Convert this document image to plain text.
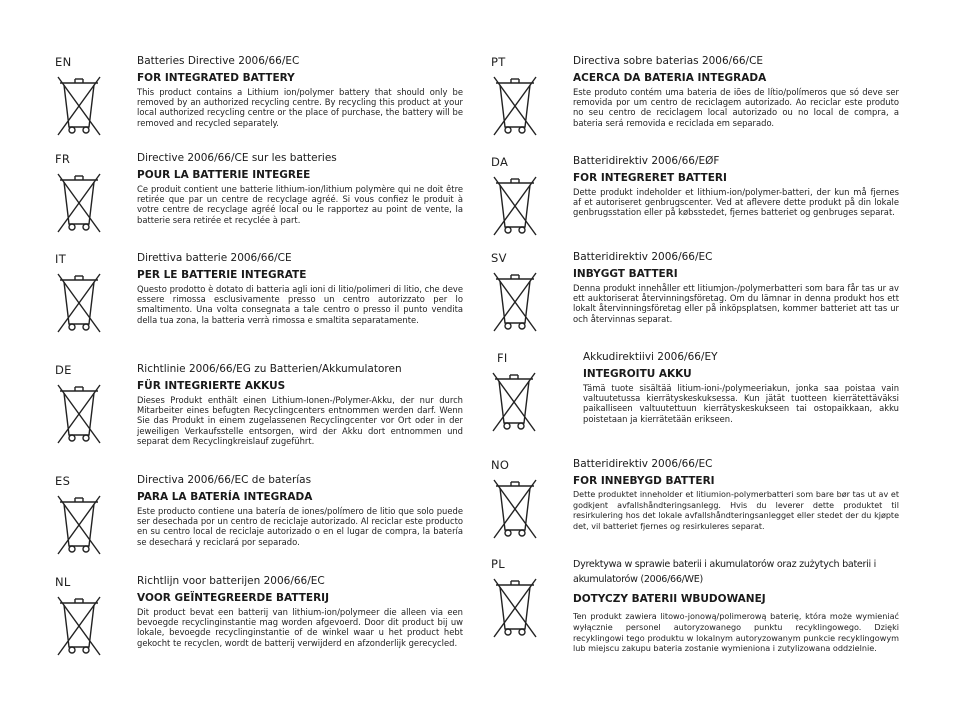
EN	Batteries Directive 2006/66/EC

FOR INTEGRATED BATTERY

This product contains a Lithium ion/polymer battery that should only be removed by an authorized recycling centre. By recycling this product at your local authorized recycling centre or the place of purchase, the battery will be removed and recycled separately.

FR	Directive 2006/66/CE sur les batteries

POUR LA BATTERIE INTEGREE

Ce produit contient une batterie lithium-ion/lithium polymère qui ne doit être retirée que par un centre de recyclage agréé. Si vous confiez le produit à votre centre de recyclage agréé local ou le rapportez au point de vente, la batterie sera retirée et recyclée à part.

IT	Direttiva batterie 2006/66/CE

PER LE BATTERIE INTEGRATE

Questo prodotto è dotato di batteria agli ioni di litio/polimeri di litio, che deve essere rimossa esclusivamente presso un centro autorizzato per lo smaltimento. Una volta consegnata a tale centro o presso il punto vendita della tua zona, la batteria verrà rimossa e smaltita separatamente.

DE	Richtlinie 2006/66/EG zu Batterien/Akkumulatoren

FÜR INTEGRIERTE AKKUS

Dieses Produkt enthält einen Lithium-Ionen-/Polymer-Akku, der nur durch Mitarbeiter eines befugten Recyclingcenters entnommen werden darf. Wenn Sie das Produkt in einem zugelassenen Recyclingcenter vor Ort oder in der jeweiligen Verkaufsstelle entsorgen, wird der Akku dort entnommen und separat dem Recyclingkreislauf zugeführt.

ES	Directiva 2006/66/EC de baterías

PARA LA BATERÍA INTEGRADA

Este producto contiene una batería de iones/polímero de litio que solo puede ser desechada por un centro de reciclaje autorizado. Al reciclar este producto en su centro local de reciclaje autorizado o en el lugar de compra, la batería se desechará y reciclará por separado.

NL	Richtlijn voor batterijen 2006/66/EC

VOOR GEÏNTEGREERDE BATTERIJ

Dit product bevat een batterij van lithium-ion/polymeer die alleen via een bevoegde recyclinginstantie mag worden afgevoerd. Door dit product bij uw lokale, bevoegde recyclinginstantie of de winkel waar u het product hebt gekocht te recyclen, wordt de batterij verwijderd en afzonderlijk gerecycled.

PT	Directiva sobre baterias 2006/66/CE

ACERCA DA BATERIA INTEGRADA

Este produto contém uma bateria de iões de lítio/polímeros que só deve ser removida por um centro de reciclagem autorizado. Ao reciclar este produto no seu centro de reciclagem local autorizado ou no local de compra, a bateria será removida e reciclada em separado.

DA	Batteridirektiv 2006/66/EØF

FOR INTEGRERET BATTERI

Dette produkt indeholder et lithium-ion/polymer-batteri, der kun må fjernes af et autoriseret genbrugscenter. Ved at aflevere dette produkt på din lokale genbrugsstation eller på købsstedet, fjernes batteriet og genbruges separat.

SV	Batteridirektiv 2006/66/EC

INBYGGT BATTERI

Denna produkt innehåller ett litiumjon-/polymerbatteri som bara får tas ur av ett auktoriserat återvinningsföretag. Om du lämnar in denna produkt hos ett lokalt återvinningsföretag eller på inköpsplatsen, kommer batteriet att tas ur och återvinnas separat.

FI	Akkudirektiivi 2006/66/EY

INTEGROITU AKKU

Tämä tuote sisältää litium-ioni-/polymeeriakun, jonka saa poistaa vain valtuutetussa kierrätyskeskuksessa. Kun jätät tuotteen kierrätettäväksi paikalliseen valtuutettuun kierrätyskeskukseen tai ostopaikkaan, akku poistetaan ja kierrätetään erikseen.

NO	Batteridirektiv 2006/66/EC

FOR INNEBYGD BATTERI

Dette produktet inneholder et litiumion-polymerbatteri som bare bør tas ut av et godkjent avfallshåndteringsanlegg. Hvis du leverer dette produktet til resirkulering hos det lokale avfallshåndteringsanlegget eller stedet der du kjøpte det, vil batteriet fjernes og resirkuleres separat.

PL	Dyrektywa w sprawie baterii i akumulatorów oraz zużytych baterii i akumulatorów (2006/66/WE)

DOTYCZY BATERII WBUDOWANEJ

Ten produkt zawiera litowo-jonową/polimerową baterię, która może wymieniać wyłącznie personel autoryzowanego punktu recyklingowego. Dzięki recyklingowi tego produktu w lokalnym autoryzowanym punkcie recyklingowym lub miejscu zakupu bateria zostanie wymieniona i zutylizowana oddzielnie.
